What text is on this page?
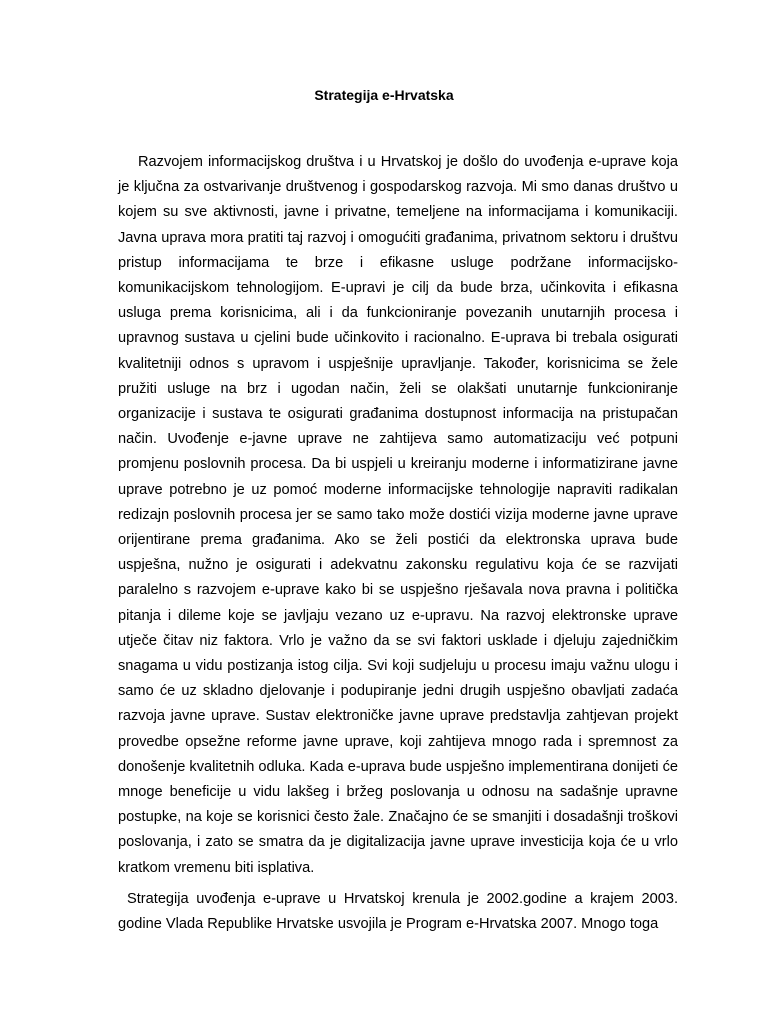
Strategija e-Hrvatska

Razvojem informacijskog društva i u Hrvatskoj je došlo do uvođenja e-uprave koja je ključna za ostvarivanje društvenog i gospodarskog razvoja. Mi smo danas društvo u kojem su sve aktivnosti, javne i privatne, temeljene na informacijama i komunikaciji. Javna uprava mora pratiti taj razvoj i omogućiti građanima, privatnom sektoru i društvu pristup informacijama te brze i efikasne usluge podržane informacijsko-komunikacijskom tehnologijom. E-upravi je cilj da bude brza, učinkovita i efikasna usluga prema korisnicima, ali i da funkcioniranje povezanih unutarnjih procesa i upravnog sustava u cjelini bude učinkovito i racionalno. E-uprava bi trebala osigurati kvalitetniji odnos s upravom i uspješnije upravljanje. Također, korisnicima se žele pružiti usluge na brz i ugodan način, želi se olakšati unutarnje funkcioniranje organizacije i sustava te osigurati građanima dostupnost informacija na pristupačan način. Uvođenje e-javne uprave ne zahtijeva samo automatizaciju već potpuni promjenu poslovnih procesa. Da bi uspjeli u kreiranju moderne i informatizirane javne uprave potrebno je uz pomoć moderne informacijske tehnologije napraviti radikalan redizajn poslovnih procesa jer se samo tako može dostići vizija moderne javne uprave orijentirane prema građanima. Ako se želi postići da elektronska uprava bude uspješna, nužno je osigurati i adekvatnu zakonsku regulativu koja će se razvijati paralelno s razvojem e-uprave kako bi se uspješno rješavala nova pravna i politička pitanja i dileme koje se javljaju vezano uz e-upravu. Na razvoj elektronske uprave utječe čitav niz faktora. Vrlo je važno da se svi faktori usklade i djeluju zajedničkim snagama u vidu postizanja istog cilja. Svi koji sudjeluju u procesu imaju važnu ulogu i samo će uz skladno djelovanje i podupiranje jedni drugih uspješno obavljati zadaća razvoja javne uprave. Sustav elektroničke javne uprave predstavlja zahtjevan projekt provedbe opsežne reforme javne uprave, koji zahtijeva mnogo rada i spremnost za donošenje kvalitetnih odluka. Kada e-uprava bude uspješno implementirana donijeti će mnoge beneficije u vidu lakšeg i bržeg poslovanja u odnosu na sadašnje upravne postupke, na koje se korisnici često žale. Značajno će se smanjiti i dosadašnji troškovi poslovanja, i zato se smatra da je digitalizacija javne uprave investicija koja će u vrlo kratkom vremenu biti isplativa.

Strategija uvođenja e-uprave u Hrvatskoj krenula je 2002.godine a krajem 2003. godine Vlada Republike Hrvatske usvojila je Program e-Hrvatska 2007. Mnogo toga
